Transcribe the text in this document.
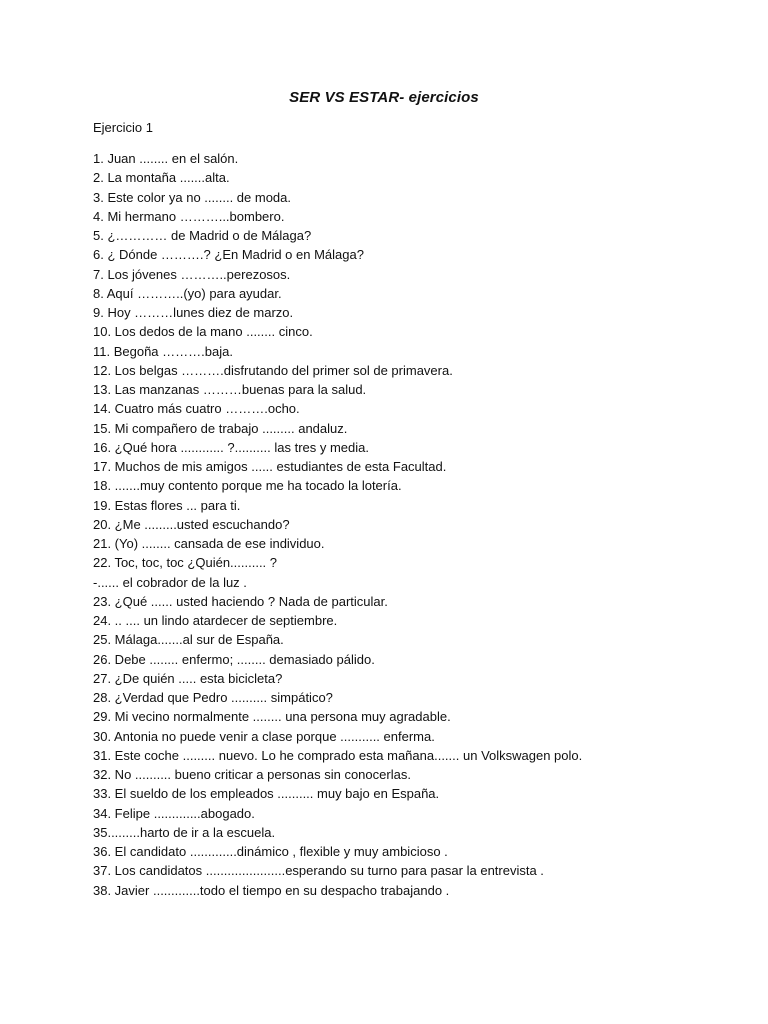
SER VS ESTAR- ejercicios
Ejercicio 1
1. Juan ........ en el salón.
2. La montaña .......alta.
3. Este color ya no ........ de moda.
4. Mi hermano ………...bombero.
5. ¿………… de Madrid o de Málaga?
6. ¿ Dónde ……….? ¿En Madrid o en Málaga?
7. Los jóvenes ………..perezosos.
8. Aquí ………..(yo) para ayudar.
9. Hoy ………lunes diez de marzo.
10. Los dedos de la mano ........ cinco.
11. Begoña ……….baja.
12. Los belgas ……….disfrutando del primer sol de primavera.
13. Las manzanas ………buenas para la salud.
14. Cuatro más cuatro ……….ocho.
15. Mi compañero de trabajo ......... andaluz.
16. ¿Qué hora ............ ?.......... las tres y media.
17. Muchos de mis amigos ...... estudiantes de esta Facultad.
18. .......muy contento porque me ha tocado la lotería.
19. Estas flores ... para ti.
20. ¿Me .........usted escuchando?
21. (Yo) ........ cansada de ese individuo.
22. Toc, toc, toc ¿Quién.......... ?
-...... el cobrador de la luz .
23. ¿Qué ...... usted haciendo ? Nada de particular.
24. .. .... un lindo atardecer de septiembre.
25. Málaga.......al sur de España.
26. Debe ........ enfermo; ........ demasiado pálido.
27. ¿De quién ..... esta bicicleta?
28. ¿Verdad que Pedro .......... simpático?
29. Mi vecino normalmente ........ una persona muy agradable.
30. Antonia no puede venir a clase porque ........... enferma.
31. Este coche ......... nuevo. Lo he comprado esta mañana....... un Volkswagen polo.
32. No .......... bueno criticar a personas sin conocerlas.
33. El sueldo de los empleados .......... muy bajo en España.
34. Felipe .............abogado.
35.........harto de ir a la escuela.
36. El candidato .............dinámico , flexible y muy ambicioso .
37. Los candidatos ......................esperando su turno para pasar la entrevista .
38. Javier .............todo el tiempo en su despacho trabajando .
